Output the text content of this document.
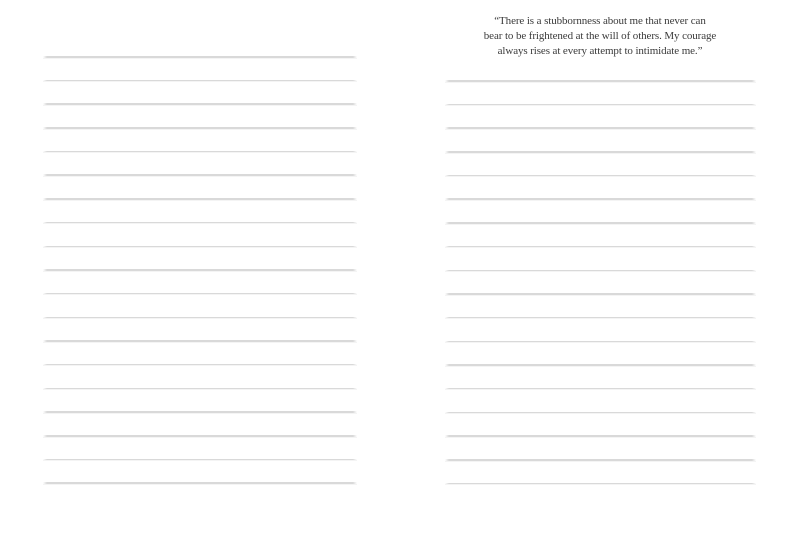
“There is a stubbornness about me that never can
bear to be frightened at the will of others. My courage
always rises at every attempt to intimidate me.”
